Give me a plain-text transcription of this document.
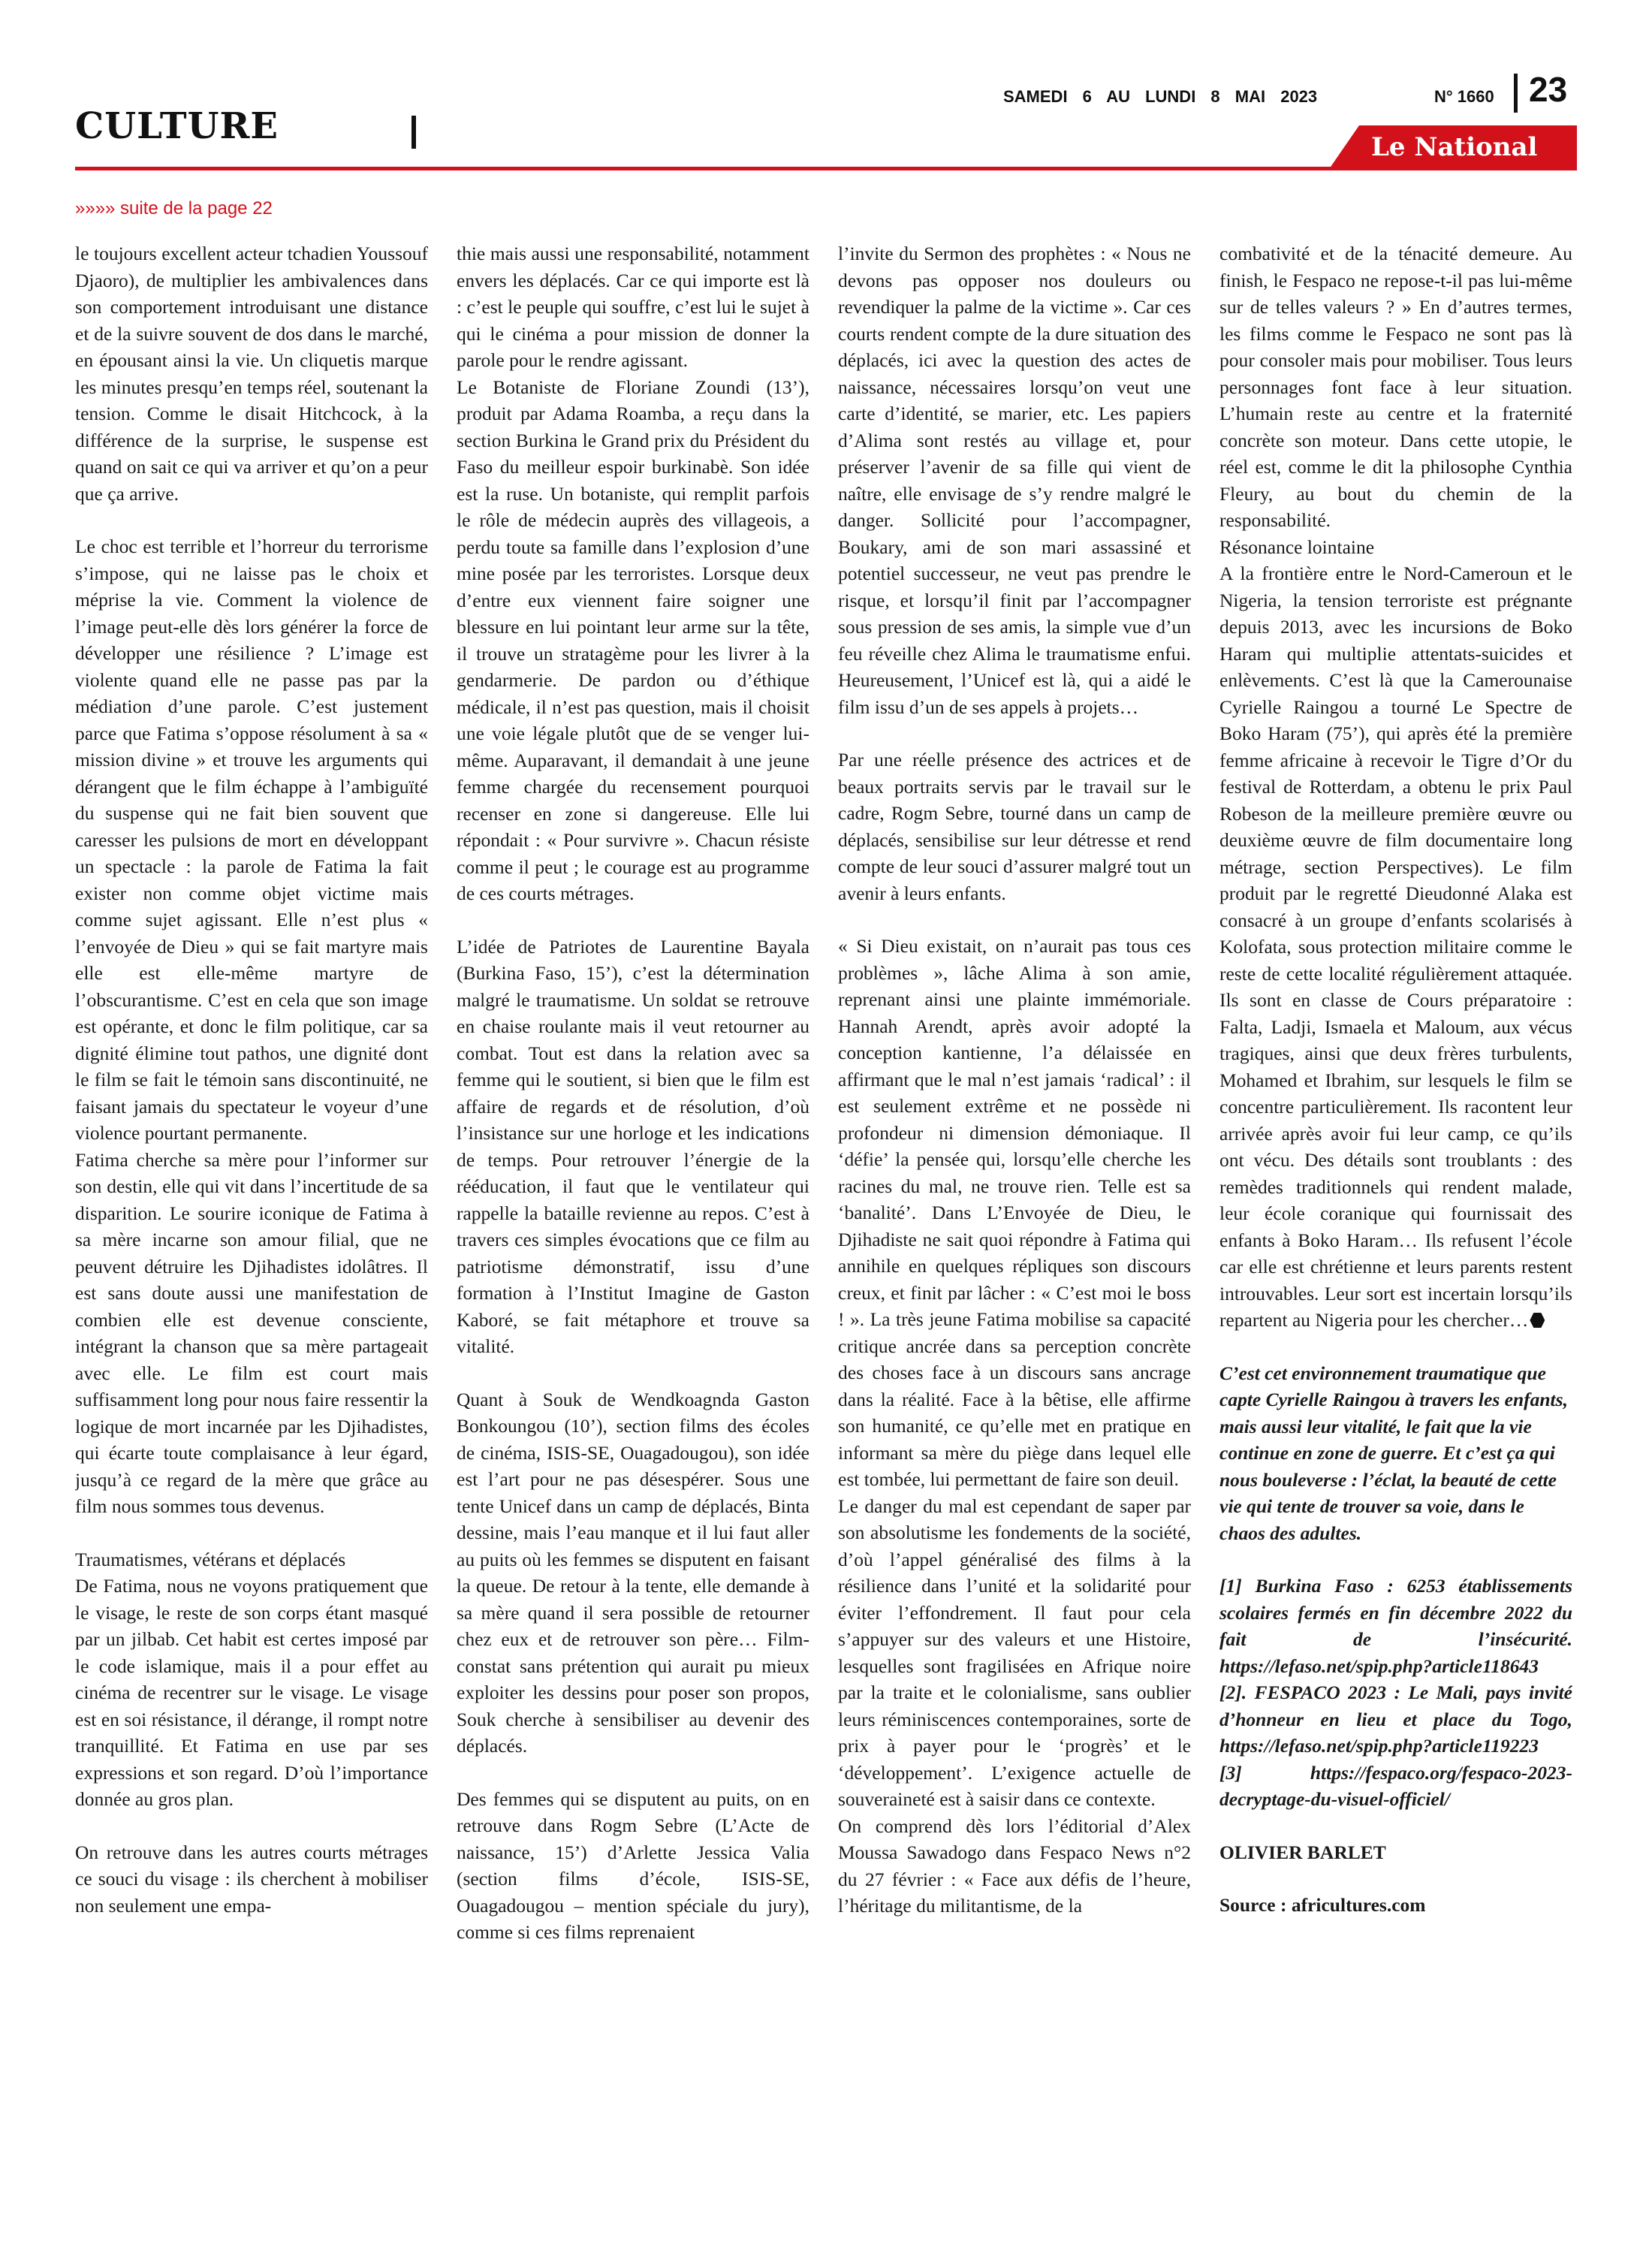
CULTURE
SAMEDI 6 AU LUNDI 8 MAI 2023	N° 1660 23
Le National
»»»» suite de la page 22

le toujours excellent acteur tchadien Youssouf Djaoro), de multiplier les ambivalences dans son comportement introduisant une distance et de la suivre souvent de dos dans le marché, en épousant ainsi la vie. Un cliquetis marque les minutes presqu’en temps réel, soutenant la tension. Comme le disait Hitchcock, à la différence de la surprise, le suspense est quand on sait ce qui va arriver et qu’on a peur que ça arrive.

Le choc est terrible et l’horreur du terrorisme s’impose, qui ne laisse pas le choix et méprise la vie. Comment la violence de l’image peut-elle dès lors générer la force de développer une résilience ? L’image est violente quand elle ne passe pas par la médiation d’une parole. C’est justement parce que Fatima s’oppose résolument à sa « mission divine » et trouve les arguments qui dérangent que le film échappe à l’ambiguïté du suspense qui ne fait bien souvent que caresser les pulsions de mort en développant un spectacle : la parole de Fatima la fait exister non comme objet victime mais comme sujet agissant. Elle n’est plus « l’envoyée de Dieu » qui se fait martyre mais elle est elle-même martyre de l’obscurantisme. C’est en cela que son image est opérante, et donc le film politique, car sa dignité élimine tout pathos, une dignité dont le film se fait le témoin sans discontinuité, ne faisant jamais du spectateur le voyeur d’une violence pourtant permanente.

Fatima cherche sa mère pour l’informer sur son destin, elle qui vit dans l’incertitude de sa disparition. Le sourire iconique de Fatima à sa mère incarne son amour filial, que ne peuvent détruire les Djihadistes idolâtres. Il est sans doute aussi une manifestation de combien elle est devenue consciente, intégrant la chanson que sa mère partageait avec elle. Le film est court mais suffisamment long pour nous faire ressentir la logique de mort incarnée par les Djihadistes, qui écarte toute complaisance à leur égard, jusqu’à ce regard de la mère que grâce au film nous sommes tous devenus.

Traumatismes, vétérans et déplacés

De Fatima, nous ne voyons pratiquement que le visage, le reste de son corps étant masqué par un jilbab. Cet habit est certes imposé par le code islamique, mais il a pour effet au cinéma de recentrer sur le visage. Le visage est en soi résistance, il dérange, il rompt notre tranquillité. Et Fatima en use par ses expressions et son regard. D’où l’importance donnée au gros plan.

On retrouve dans les autres courts métrages ce souci du visage : ils cherchent à mobiliser non seulement une empa-

thie mais aussi une responsabilité, notamment envers les déplacés. Car ce qui importe est là : c’est le peuple qui souffre, c’est lui le sujet à qui le cinéma a pour mission de donner la parole pour le rendre agissant.

Le Botaniste de Floriane Zoundi (13’), produit par Adama Roamba, a reçu dans la section Burkina le Grand prix du Président du Faso du meilleur espoir burkinabè. Son idée est la ruse. Un botaniste, qui remplit parfois le rôle de médecin auprès des villageois, a perdu toute sa famille dans l’explosion d’une mine posée par les terroristes. Lorsque deux d’entre eux viennent faire soigner une blessure en lui pointant leur arme sur la tête, il trouve un stratagème pour les livrer à la gendarmerie. De pardon ou d’éthique médicale, il n’est pas question, mais il choisit une voie légale plutôt que de se venger lui-même. Auparavant, il demandait à une jeune femme chargée du recensement pourquoi recenser en zone si dangereuse. Elle lui répondait : « Pour survivre ». Chacun résiste comme il peut ; le courage est au programme de ces courts métrages.

L’idée de Patriotes de Laurentine Bayala (Burkina Faso, 15’), c’est la détermination malgré le traumatisme. Un soldat se retrouve en chaise roulante mais il veut retourner au combat. Tout est dans la relation avec sa femme qui le soutient, si bien que le film est affaire de regards et de résolution, d’où l’insistance sur une horloge et les indications de temps. Pour retrouver l’énergie de la rééducation, il faut que le ventilateur qui rappelle la bataille revienne au repos. C’est à travers ces simples évocations que ce film au patriotisme démonstratif, issu d’une formation à l’Institut Imagine de Gaston Kaboré, se fait métaphore et trouve sa vitalité.

Quant à Souk de Wendkoagnda Gaston Bonkoungou (10’), section films des écoles de cinéma, ISIS-SE, Ouagadougou), son idée est l’art pour ne pas désespérer. Sous une tente Unicef dans un camp de déplacés, Binta dessine, mais l’eau manque et il lui faut aller au puits où les femmes se disputent en faisant la queue. De retour à la tente, elle demande à sa mère quand il sera possible de retourner chez eux et de retrouver son père… Film-constat sans prétention qui aurait pu mieux exploiter les dessins pour poser son propos, Souk cherche à sensibiliser au devenir des déplacés.

Des femmes qui se disputent au puits, on en retrouve dans Rogm Sebre (L’Acte de naissance, 15’) d’Arlette Jessica Valia (section films d’école, ISIS-SE, Ouagadougou – mention spéciale du jury), comme si ces films reprenaient

l’invite du Sermon des prophètes : « Nous ne devons pas opposer nos douleurs ou revendiquer la palme de la victime ». Car ces courts rendent compte de la dure situation des déplacés, ici avec la question des actes de naissance, nécessaires lorsqu’on veut une carte d’identité, se marier, etc. Les papiers d’Alima sont restés au village et, pour préserver l’avenir de sa fille qui vient de naître, elle envisage de s’y rendre malgré le danger. Sollicité pour l’accompagner, Boukary, ami de son mari assassiné et potentiel successeur, ne veut pas prendre le risque, et lorsqu’il finit par l’accompagner sous pression de ses amis, la simple vue d’un feu réveille chez Alima le traumatisme enfui. Heureusement, l’Unicef est là, qui a aidé le film issu d’un de ses appels à projets…

Par une réelle présence des actrices et de beaux portraits servis par le travail sur le cadre, Rogm Sebre, tourné dans un camp de déplacés, sensibilise sur leur détresse et rend compte de leur souci d’assurer malgré tout un avenir à leurs enfants.

« Si Dieu existait, on n’aurait pas tous ces problèmes », lâche Alima à son amie, reprenant ainsi une plainte immémoriale. Hannah Arendt, après avoir adopté la conception kantienne, l’a délaissée en affirmant que le mal n’est jamais ‘radical’ : il est seulement extrême et ne possède ni profondeur ni dimension démoniaque. Il ‘défie’ la pensée qui, lorsqu’elle cherche les racines du mal, ne trouve rien. Telle est sa ‘banalité’. Dans L’Envoyée de Dieu, le Djihadiste ne sait quoi répondre à Fatima qui annihile en quelques répliques son discours creux, et finit par lâcher : « C’est moi le boss ! ». La très jeune Fatima mobilise sa capacité critique ancrée dans sa perception concrète des choses face à un discours sans ancrage dans la réalité. Face à la bêtise, elle affirme son humanité, ce qu’elle met en pratique en informant sa mère du piège dans lequel elle est tombée, lui permettant de faire son deuil.

Le danger du mal est cependant de saper par son absolutisme les fondements de la société, d’où l’appel généralisé des films à la résilience dans l’unité et la solidarité pour éviter l’effondrement. Il faut pour cela s’appuyer sur des valeurs et une Histoire, lesquelles sont fragilisées en Afrique noire par la traite et le colonialisme, sans oublier leurs réminiscences contemporaines, sorte de prix à payer pour le ‘progrès’ et le ‘développement’. L’exigence actuelle de souveraineté est à saisir dans ce contexte.

On comprend dès lors l’éditorial d’Alex Moussa Sawadogo dans Fespaco News n°2 du 27 février : « Face aux défis de l’heure, l’héritage du militantisme, de la

combativité et de la ténacité demeure. Au finish, le Fespaco ne repose-t-il pas lui-même sur de telles valeurs ? » En d’autres termes, les films comme le Fespaco ne sont pas là pour consoler mais pour mobiliser. Tous leurs personnages font face à leur situation. L’humain reste au centre et la fraternité concrète son moteur. Dans cette utopie, le réel est, comme le dit la philosophe Cynthia Fleury, au bout du chemin de la responsabilité.

Résonance lointaine

A la frontière entre le Nord-Cameroun et le Nigeria, la tension terroriste est prégnante depuis 2013, avec les incursions de Boko Haram qui multiplie attentats-suicides et enlèvements. C’est là que la Camerounaise Cyrielle Raingou a tourné Le Spectre de Boko Haram (75’), qui après été la première femme africaine à recevoir le Tigre d’Or du festival de Rotterdam, a obtenu le prix Paul Robeson de la meilleure première œuvre ou deuxième œuvre de film documentaire long métrage, section Perspectives). Le film produit par le regretté Dieudonné Alaka est consacré à un groupe d’enfants scolarisés à Kolofata, sous protection militaire comme le reste de cette localité régulièrement attaquée. Ils sont en classe de Cours préparatoire : Falta, Ladji, Ismaela et Maloum, aux vécus tragiques, ainsi que deux frères turbulents, Mohamed et Ibrahim, sur lesquels le film se concentre particulièrement. Ils racontent leur arrivée après avoir fui leur camp, ce qu’ils ont vécu. Des détails sont troublants : des remèdes traditionnels qui rendent malade, leur école coranique qui fournissait des enfants à Boko Haram… Ils refusent l’école car elle est chrétienne et leurs parents restent introuvables. Leur sort est incertain lorsqu’ils repartent au Nigeria pour les chercher…

C’est cet environnement traumatique que capte Cyrielle Raingou à travers les enfants, mais aussi leur vitalité, le fait que la vie continue en zone de guerre. Et c’est ça qui nous bouleverse : l’éclat, la beauté de cette vie qui tente de trouver sa voie, dans le chaos des adultes.

[1] Burkina Faso : 6253 établissements scolaires fermés en fin décembre 2022 du fait de l’insécurité. https://lefaso.net/spip.php?article118643

[2]. FESPACO 2023 : Le Mali, pays invité d’honneur en lieu et place du Togo, https://lefaso.net/spip.php?article119223

[3] https://fespaco.org/fespaco-2023-decryptage-du-visuel-officiel/

OLIVIER BARLET

Source : africultures.com
